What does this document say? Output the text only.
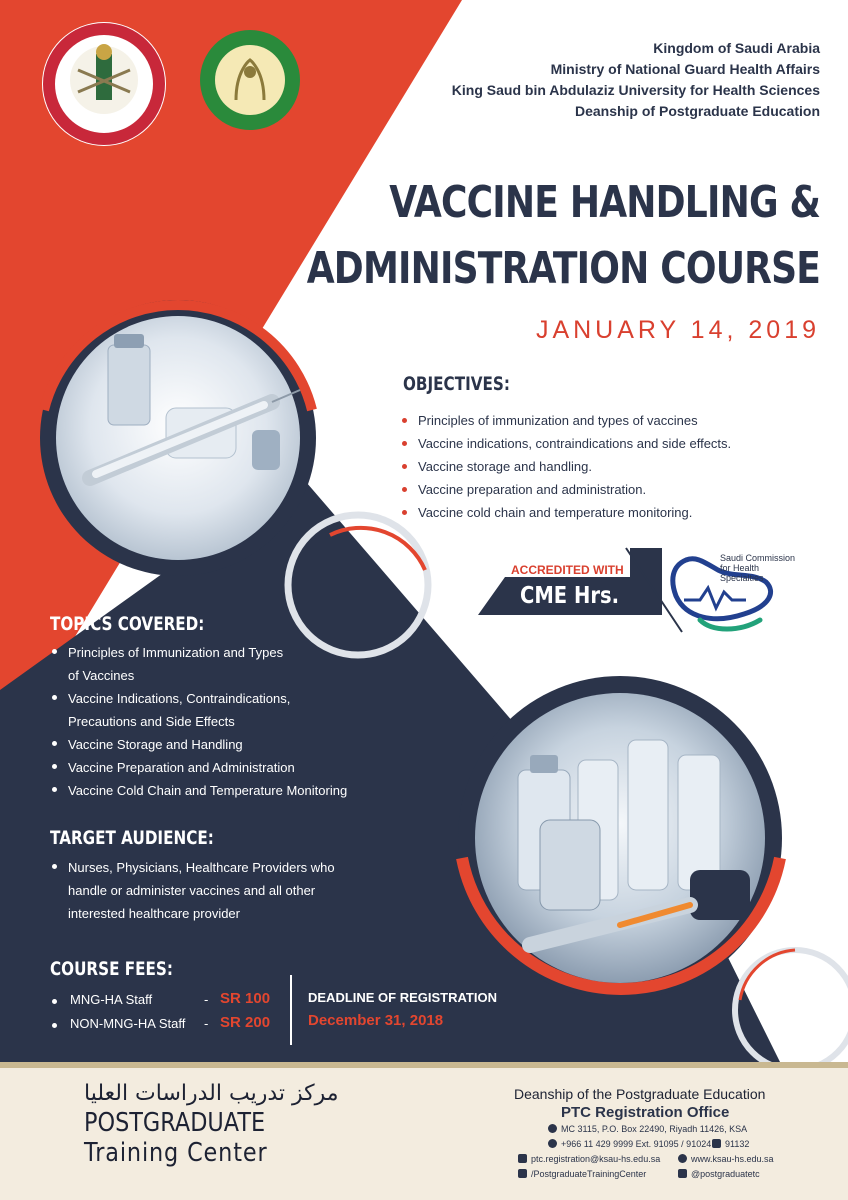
Kingdom of Saudi Arabia
Ministry of National Guard Health Affairs
King Saud bin Abdulaziz University for Health Sciences
Deanship of Postgraduate Education
VACCINE HANDLING &
ADMINISTRATION COURSE
JANUARY 14, 2019
OBJECTIVES:
Principles of immunization and types of vaccines
Vaccine indications, contraindications and side effects.
Vaccine storage and handling.
Vaccine preparation and administration.
Vaccine cold chain and temperature monitoring.
ACCREDITED WITH
CME Hrs.
Saudi Commission
for Health
Specialties
TOPICS COVERED:
Principles of Immunization and Types
of Vaccines
Vaccine Indications, Contraindications,
Precautions and Side Effects
Vaccine Storage and Handling
Vaccine Preparation and Administration
Vaccine Cold Chain and Temperature Monitoring
TARGET AUDIENCE:
Nurses, Physicians, Healthcare Providers who
handle or administer vaccines and all other
interested healthcare provider
COURSE FEES:
MNG-HA Staff	- SR 100
NON-MNG-HA Staff - SR 200
DEADLINE OF REGISTRATION
December 31, 2018
مركز تدريب الدراسات العليا
POSTGRADUATE
Training Center
Deanship of the Postgraduate Education
PTC Registration Office
MC 3115, P.O. Box 22490, Riyadh 11426, KSA
+966 11 429 9999 Ext. 91095 / 91024	91132
ptc.registration@ksau-hs.edu.sa	www.ksau-hs.edu.sa
/PostgraduateTrainingCenter	@postgraduatetc
